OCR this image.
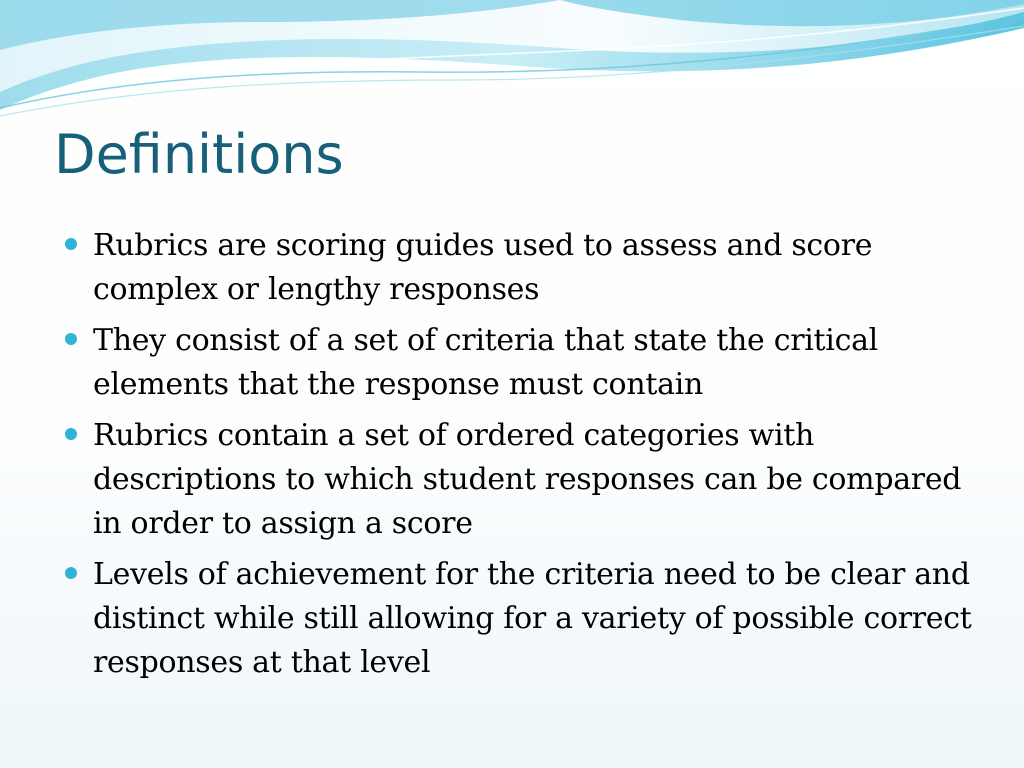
Definitions
Rubrics are scoring guides used to assess and score complex or lengthy responses
They consist of a set of criteria that state the critical elements that the response must contain
Rubrics contain a set of ordered categories with descriptions to which student responses can be compared in order to assign a score
Levels of achievement for the criteria need to be clear and distinct while still allowing for a variety of possible correct responses at that level
